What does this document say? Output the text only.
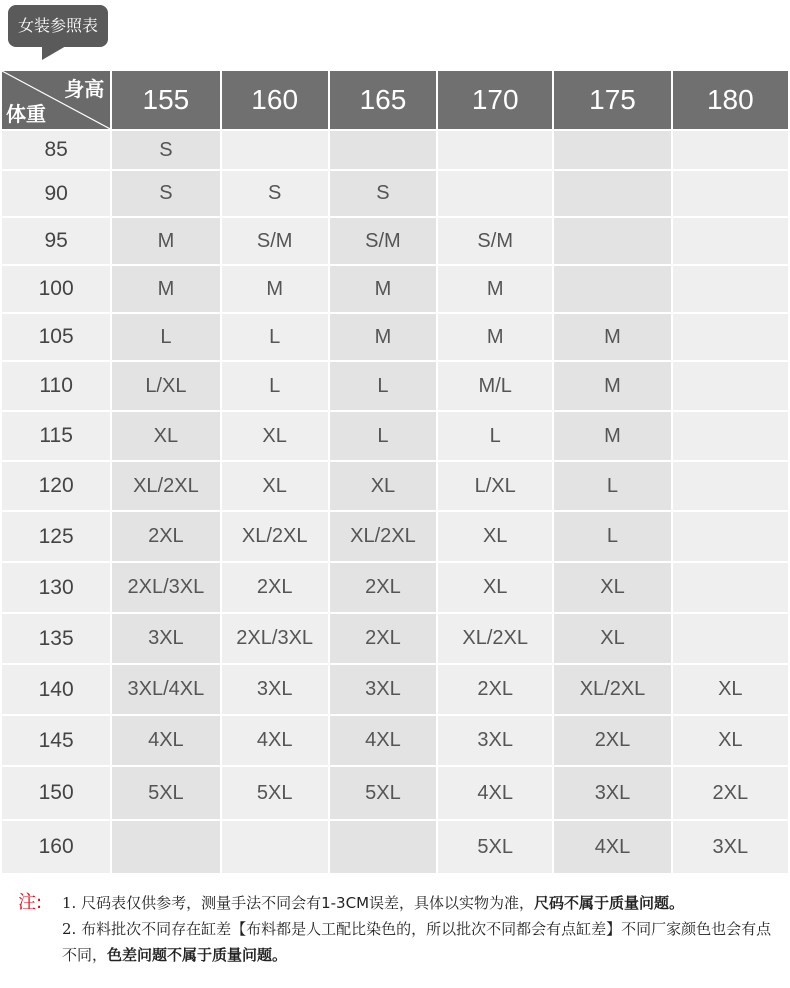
女装参照表
身高
体重	155	160	165	170	175	180
85	S					
90	S	S	S			
95	M	S/M	S/M	S/M		
100	M	M	M	M		
105	L	L	M	M	M	
110	L/XL	L	L	M/L	M	
115	XL	XL	L	L	M	
120	XL/2XL	XL	XL	L/XL	L	
125	2XL	XL/2XL	XL/2XL	XL	L	
130	2XL/3XL	2XL	2XL	XL	XL	
135	3XL	2XL/3XL	2XL	XL/2XL	XL	
140	3XL/4XL	3XL	3XL	2XL	XL/2XL	XL
145	4XL	4XL	4XL	3XL	2XL	XL
150	5XL	5XL	5XL	4XL	3XL	2XL
160				5XL	4XL	3XL
注: 1. 尺码表仅供参考，测量手法不同会有1-3CM误差，具体以实物为准，尺码不属于质量问题。
2. 布料批次不同存在缸差【布料都是人工配比染色的，所以批次不同都会有点缸差】不同厂家颜色也会有点不同，色差问题不属于质量问题。
